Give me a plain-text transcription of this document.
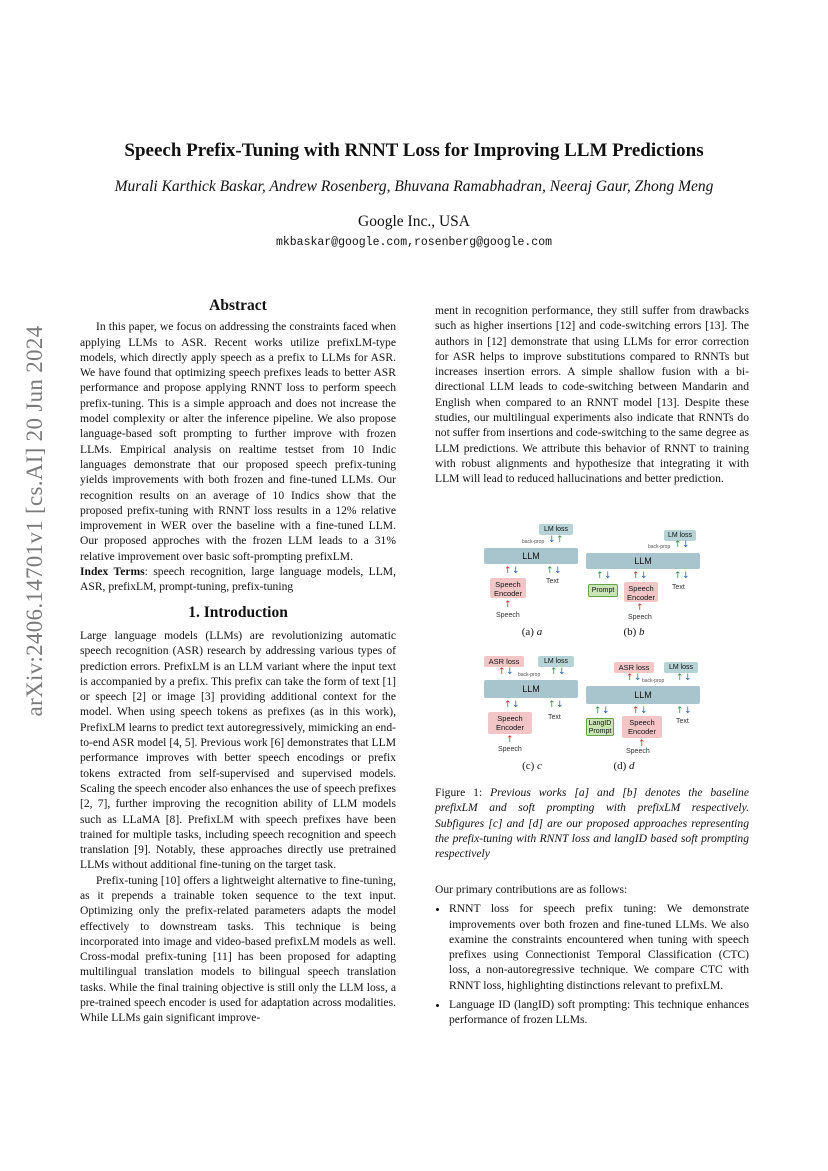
Speech Prefix-Tuning with RNNT Loss for Improving LLM Predictions
Murali Karthick Baskar, Andrew Rosenberg, Bhuvana Ramabhadran, Neeraj Gaur, Zhong Meng
Google Inc., USA
mkbaskar@google.com,rosenberg@google.com
arXiv:2406.14701v1 [cs.AI] 20 Jun 2024
Abstract

In this paper, we focus on addressing the constraints faced when applying LLMs to ASR. Recent works utilize prefixLM-type models, which directly apply speech as a prefix to LLMs for ASR. We have found that optimizing speech prefixes leads to better ASR performance and propose applying RNNT loss to perform speech prefix-tuning. This is a simple approach and does not increase the model complexity or alter the inference pipeline. We also propose language-based soft prompting to further improve with frozen LLMs. Empirical analysis on realtime testset from 10 Indic languages demonstrate that our proposed speech prefix-tuning yields improvements with both frozen and fine-tuned LLMs. Our recognition results on an average of 10 Indics show that the proposed prefix-tuning with RNNT loss results in a 12% relative improvement in WER over the baseline with a fine-tuned LLM. Our proposed approches with the frozen LLM leads to a 31% relative improvement over basic soft-prompting prefixLM.

Index Terms: speech recognition, large language models, LLM, ASR, prefixLM, prompt-tuning, prefix-tuning

1. Introduction

Large language models (LLMs) are revolutionizing automatic speech recognition (ASR) research by addressing various types of prediction errors. PrefixLM is an LLM variant where the input text is accompanied by a prefix. This prefix can take the form of text [1] or speech [2] or image [3] providing additional context for the model. When using speech tokens as prefixes (as in this work), PrefixLM learns to predict text autoregressively, mimicking an end-to-end ASR model [4, 5]. Previous work [6] demonstrates that LLM performance improves with better speech encodings or prefix tokens extracted from self-supervised and supervised models. Scaling the speech encoder also enhances the use of speech prefixes [2, 7], further improving the recognition ability of LLM models such as LLaMA [8]. PrefixLM with speech prefixes have been trained for multiple tasks, including speech recognition and speech translation [9]. Notably, these approaches directly use pretrained LLMs without additional fine-tuning on the target task.

Prefix-tuning [10] offers a lightweight alternative to fine-tuning, as it prepends a trainable token sequence to the text input. Optimizing only the prefix-related parameters adapts the model effectively to downstream tasks. This technique is being incorporated into image and video-based prefixLM models as well. Cross-modal prefix-tuning [11] has been proposed for adapting multilingual translation models to bilingual speech translation tasks. While the final training objective is still only the LLM loss, a pre-trained speech encoder is used for adaptation across modalities. While LLMs gain significant improve-

ment in recognition performance, they still suffer from drawbacks such as higher insertions [12] and code-switching errors [13]. The authors in [12] demonstrate that using LLMs for error correction for ASR helps to improve substitutions compared to RNNTs but increases insertion errors. A simple shallow fusion with a bi-directional LLM leads to code-switching between Mandarin and English when compared to an RNNT model [13]. Despite these studies, our multilingual experiments also indicate that RNNTs do not suffer from insertions and code-switching to the same degree as LLM predictions. We attribute this behavior of RNNT to training with robust alignments and hypothesize that integrating it with LLM will lead to reduced hallucinations and better prediction.

LM loss
back-prop ↓ ↑
LLM
↑ ↓	↑ ↓
Speech Encoder
Text
↑
Speech
(a) a
LM loss
back-prop ↑ ↓
LLM
↑ ↓ ↑ ↓	↑ ↓
Prompt	Speech Encoder
Text
↑
Speech
(b) b
ASR loss	LM loss
↑ ↓ back-prop ↑ ↓
LLM
↑ ↓	↑ ↓
Speech Encoder
Text
↑
Speech
(c) c
ASR loss	LM loss
↑ ↓ back-prop ↑ ↓
LLM
↑ ↓ ↑ ↓	↑ ↓
LangID Prompt
Speech Encoder
Text
↑
Speech
(d) d
Figure 1: Previous works [a] and [b] denotes the baseline prefixLM and soft prompting with prefixLM respectively. Subfigures [c] and [d] are our proposed approaches representing the prefix-tuning with RNNT loss and langID based soft prompting respectively

Our primary contributions are as follows:

• RNNT loss for speech prefix tuning: We demonstrate improvements over both frozen and fine-tuned LLMs. We also examine the constraints encountered when tuning with speech prefixes using Connectionist Temporal Classification (CTC) loss, a non-autoregressive technique. We compare CTC with RNNT loss, highlighting distinctions relevant to prefixLM.
• Language ID (langID) soft prompting: This technique enhances performance of frozen LLMs.
